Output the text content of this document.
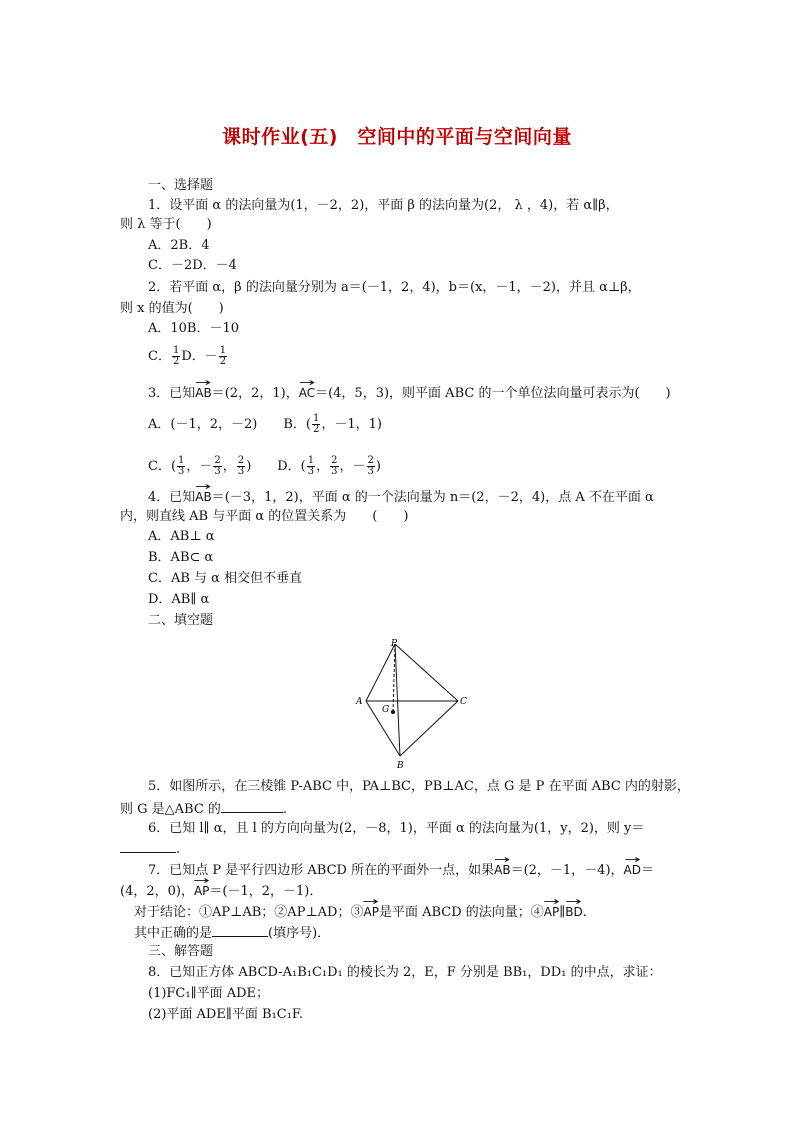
课时作业(五)　空间中的平面与空间向量
一、选择题
1．设平面 α 的法向量为(1，－2，2)，平面 β 的法向量为(2， λ ，4)，若 α∥β，
则 λ 等于(　　)
A．2B．4
C．－2D．－4
2．若平面 α，β 的法向量分别为 a＝(－1，2，4)，b＝(x，－1，－2)，并且 α⊥β，
则 x 的值为(　　)
A．10B．－10
C． $\frac{1}{2}$ D．－ $\frac{1}{2}$
3．已知→ AB＝(2，2，1)，→ AC＝(4，5，3)，则平面 ABC 的一个单位法向量可表示为(　　)
A．(－1，2，－2)　　B．( $\frac{1}{2}$ ，－1，1)
C．( $\frac{1}{3}$ ，－ $\frac{2}{3}$ ， $\frac{2}{3}$ )　　D．( $\frac{1}{3}$ ， $\frac{2}{3}$ ，－ $\frac{2}{3}$ )
4．已知→ AB＝(－3，1，2)，平面 α 的一个法向量为 n＝(2，－2，4)，点 A 不在平面 α
内，则直线 AB 与平面 α 的位置关系为　　(　　)
A．AB⊥ α
B．AB⊂ α
C．AB 与 α 相交但不垂直
D．AB∥ α
二、填空题
P
A	C
B
G
5．如图所示，在三棱锥 P-ABC 中，PA⊥BC，PB⊥AC，点 G 是 P 在平面 ABC 内的射影，
则 G 是△ABC 的	.
6．已知 l∥ α，且 l 的方向向量为(2，－8，1)，平面 α 的法向量为(1，y，2)，则 y＝
.
7．已知点 P 是平行四边形 ABCD 所在的平面外一点，如果→ AB＝(2，－1，－4)，→ AD＝
(4，2，0)，→ AP＝(－1，2，－1)．
对于结论：①AP⊥AB；②AP⊥AD；③→ AP是平面 ABCD 的法向量；④→ AP∥→ BD.
其中正确的是	(填序号)．
三、解答题
8．已知正方体 ABCD-A₁B₁C₁D₁ 的棱长为 2，E，F 分别是 BB₁，DD₁ 的中点，求证：
(1)FC₁∥平面 ADE；
(2)平面 ADE∥平面 B₁C₁F.
